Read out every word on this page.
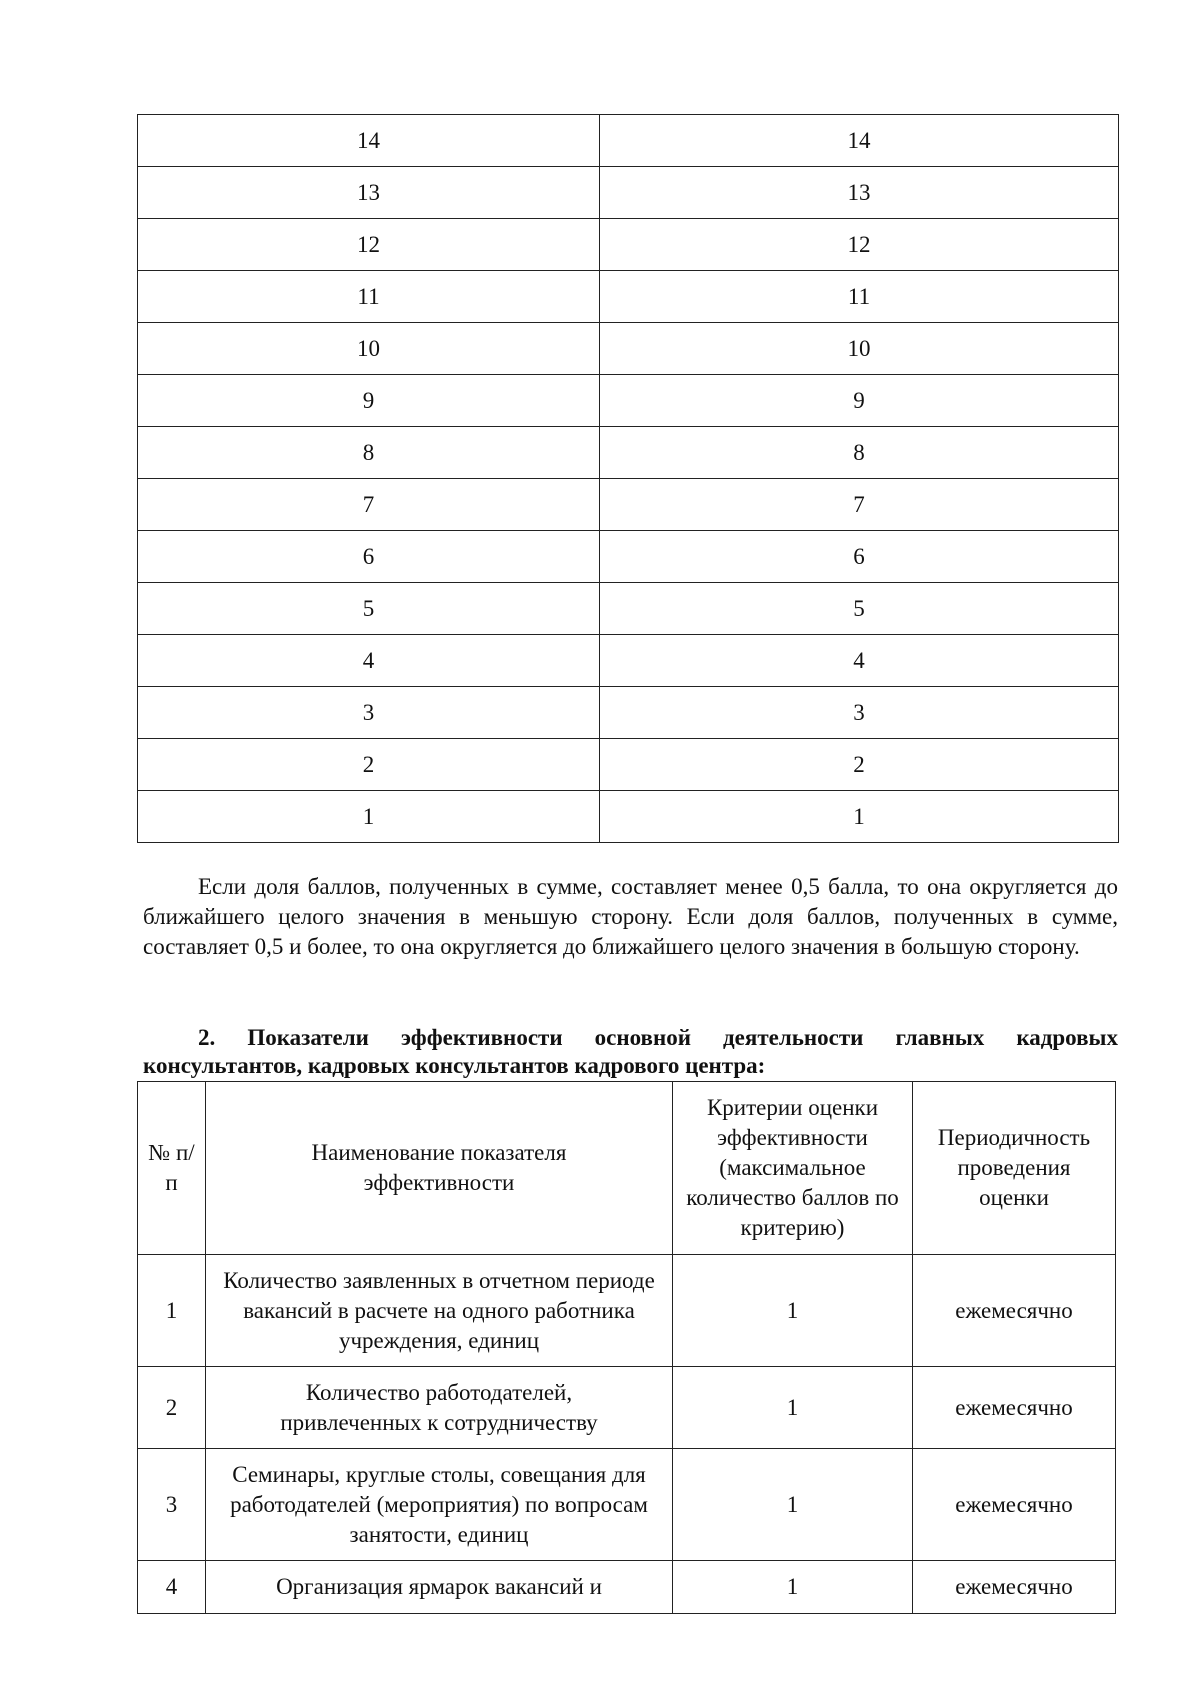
14	14
13	13
12	12
11	11
10	10
9	9
8	8
7	7
6	6
5	5
4	4
3	3
2	2
1	1

Если доля баллов, полученных в сумме, составляет менее 0,5 балла, то она округляется до ближайшего целого значения в меньшую сторону. Если доля баллов, полученных в сумме, составляет 0,5 и более, то она округляется до ближайшего целого значения в большую сторону.

2. Показатели эффективности основной деятельности главных кадровых консультантов, кадровых консультантов кадрового центра:

№ п/п	Наименование показателя эффективности	Критерии оценки эффективности (максимальное количество баллов по критерию)	Периодичность проведения оценки
1	Количество заявленных в отчетном периоде вакансий в расчете на одного работника учреждения, единиц	1	ежемесячно
2	Количество работодателей, привлеченных к сотрудничеству	1	ежемесячно
3	Семинары, круглые столы, совещания для работодателей (мероприятия) по вопросам занятости, единиц	1	ежемесячно
4	Организация ярмарок вакансий и	1	ежемесячно
